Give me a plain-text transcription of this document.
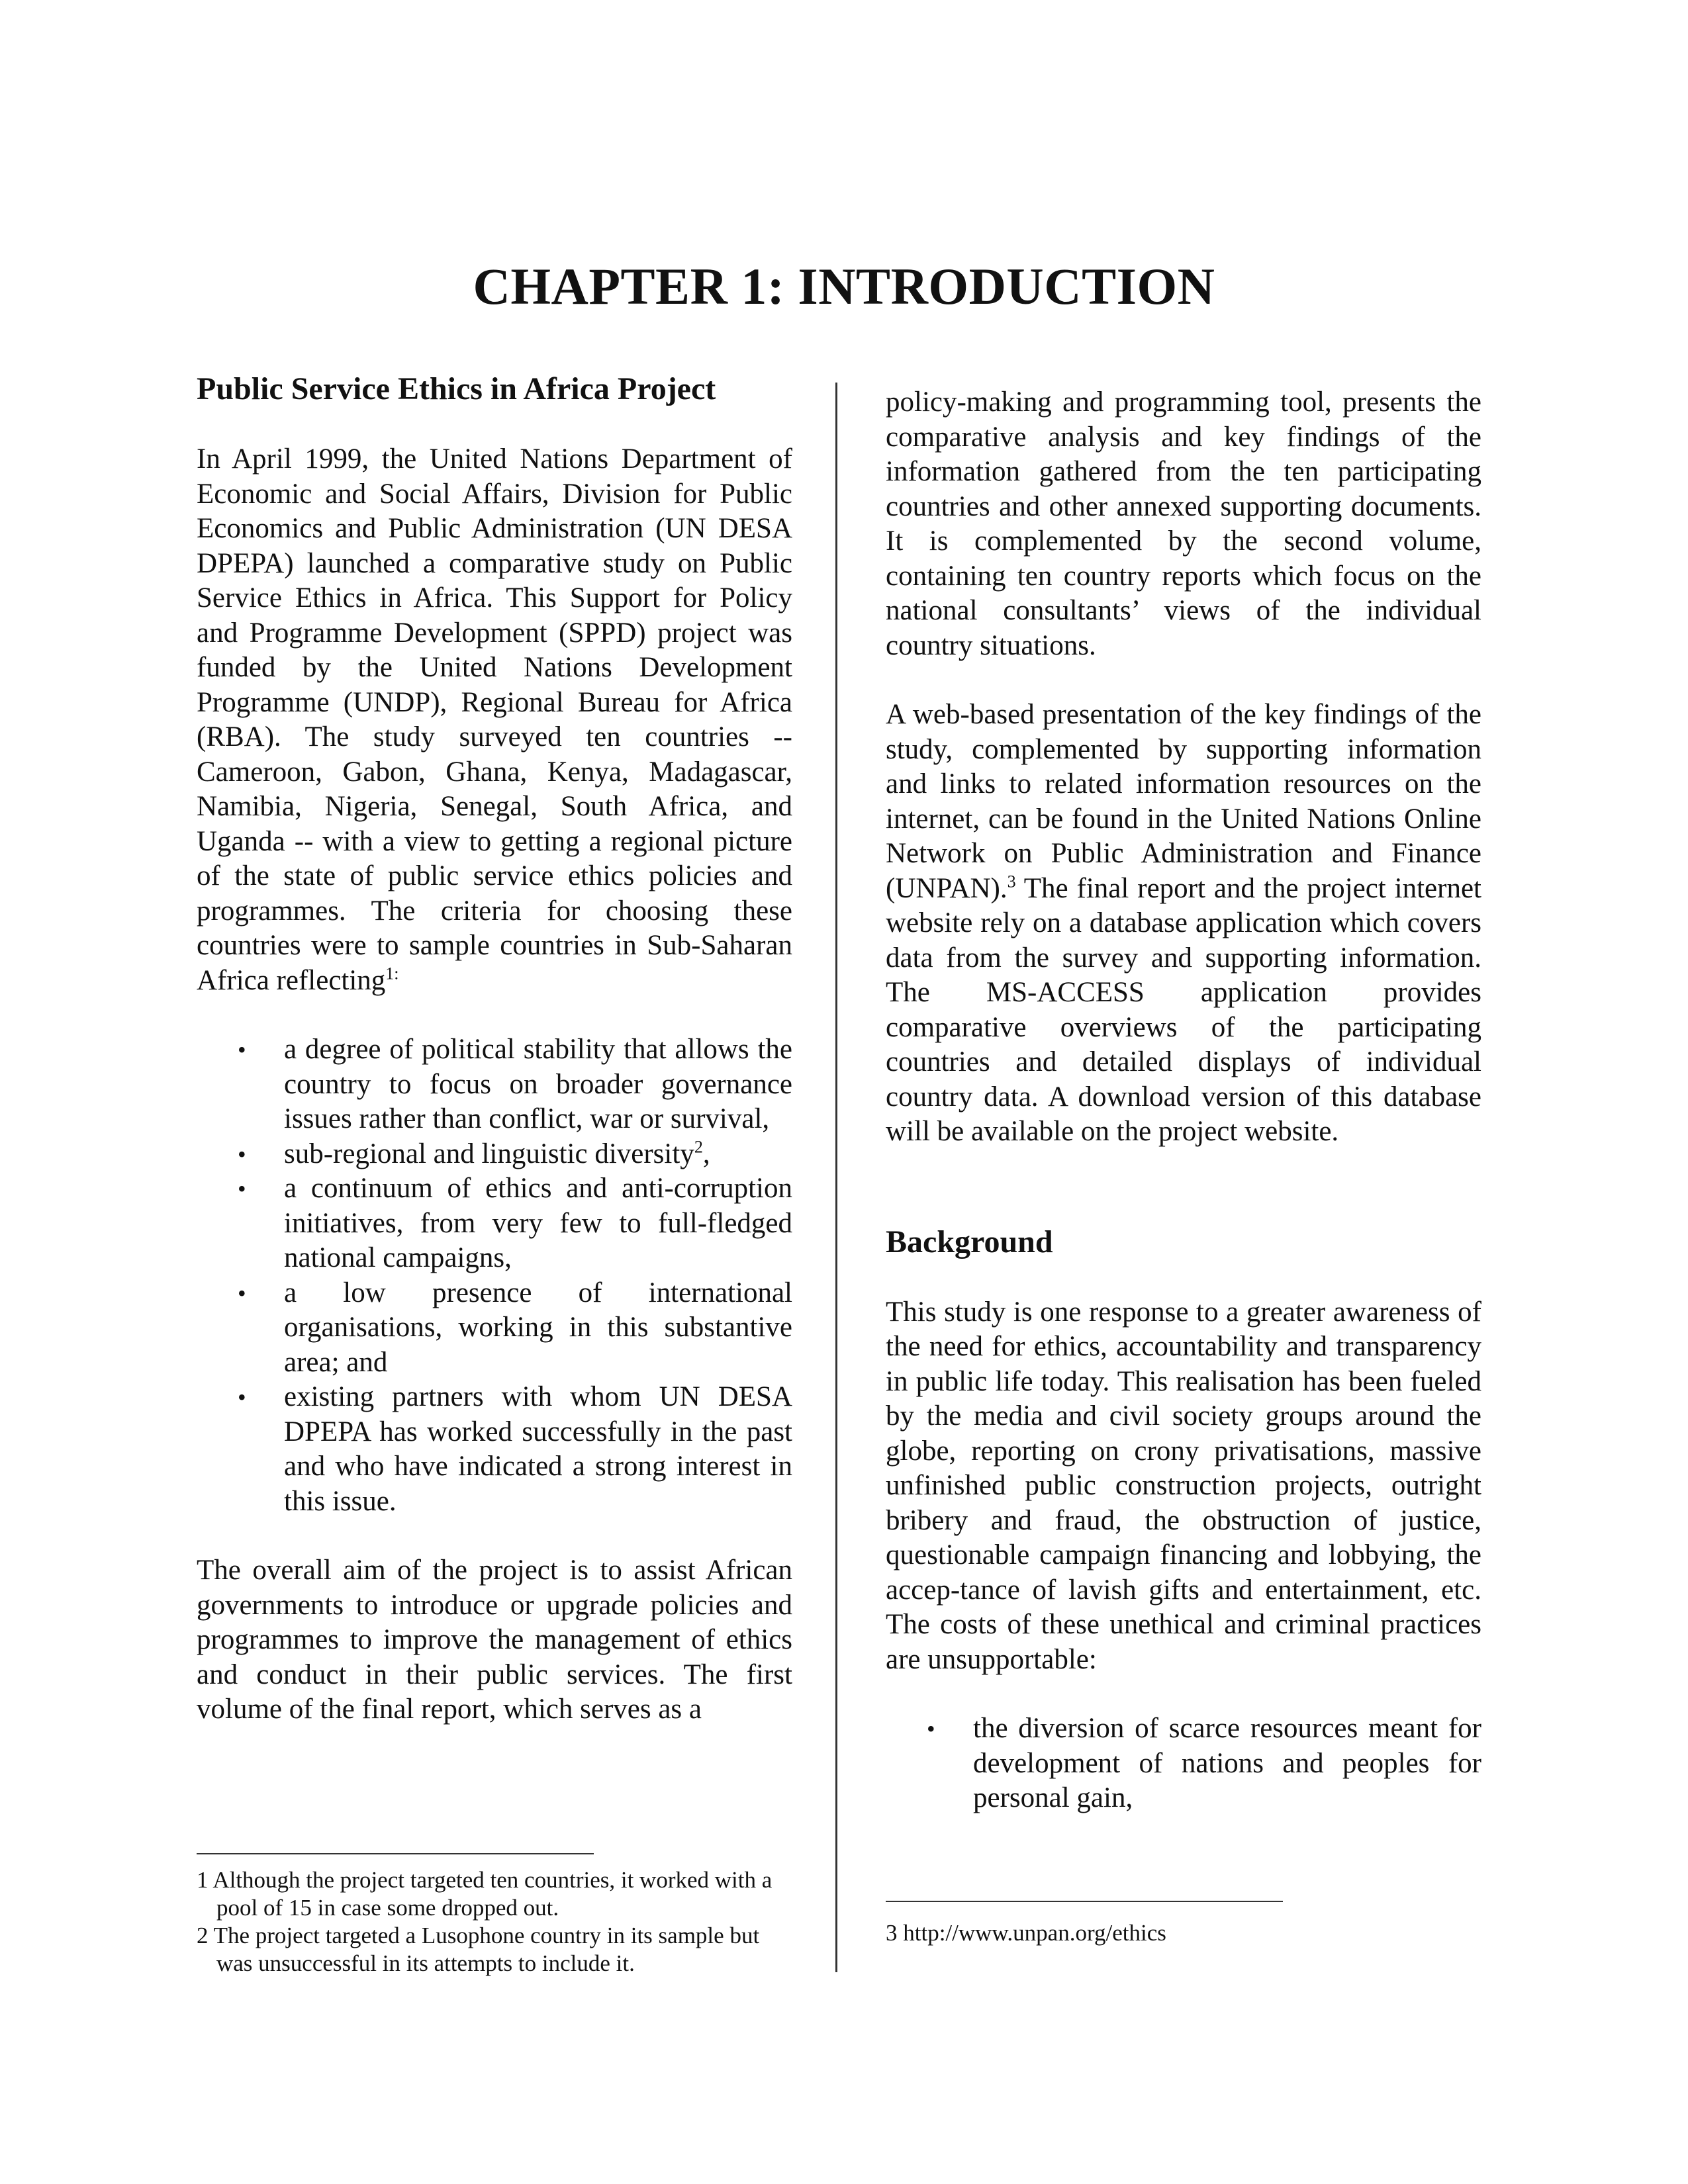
CHAPTER 1: INTRODUCTION
Public Service Ethics in Africa Project

In April 1999, the United Nations Department of Economic and Social Affairs, Division for Public Economics and Public Administration (UN DESA DPEPA) launched a comparative study on Public Service Ethics in Africa. This Support for Policy and Programme Development (SPPD) project was funded by the United Nations Development Programme (UNDP), Regional Bureau for Africa (RBA). The study surveyed ten countries -- Cameroon, Gabon, Ghana, Kenya, Madagascar, Namibia, Nigeria, Senegal, South Africa, and Uganda -- with a view to getting a regional picture of the state of public service ethics policies and programmes. The criteria for choosing these countries were to sample countries in Sub-Saharan Africa reflecting$^{1:}$

• a degree of political stability that allows the country to focus on broader governance issues rather than conflict, war or survival,
• sub-regional and linguistic diversity$^2$,
• a continuum of ethics and anti-corruption initiatives, from very few to full-fledged national campaigns,
• a low presence of international organisations, working in this substantive area; and
• existing partners with whom UN DESA DPEPA has worked successfully in the past and who have indicated a strong interest in this issue.

The overall aim of the project is to assist African governments to introduce or upgrade policies and programmes to improve the management of ethics and conduct in their public services. The first volume of the final report, which serves as a

1 Although the project targeted ten countries, it worked with a pool of 15 in case some dropped out.

2 The project targeted a Lusophone country in its sample but was unsuccessful in its attempts to include it.

policy-making and programming tool, presents the comparative analysis and key findings of the information gathered from the ten participating countries and other annexed supporting documents. It is complemented by the second volume, containing ten country reports which focus on the national consultants’ views of the individual country situations.

A web-based presentation of the key findings of the study, complemented by supporting information and links to related information resources on the internet, can be found in the United Nations Online Network on Public Administration and Finance (UNPAN).$^3$ The final report and the project internet website rely on a database application which covers data from the survey and supporting information. The MS-ACCESS application provides comparative overviews of the participating countries and detailed displays of individual country data. A download version of this database will be available on the project website.

Background

This study is one response to a greater awareness of the need for ethics, accountability and transparency in public life today. This realisation has been fueled by the media and civil society groups around the globe, reporting on crony privatisations, massive unfinished public construction projects, outright bribery and fraud, the obstruction of justice, questionable campaign financing and lobbying, the accep-tance of lavish gifts and entertainment, etc. The costs of these unethical and criminal practices are unsupportable:

• the diversion of scarce resources meant for development of nations and peoples for personal gain,

3 http://www.unpan.org/ethics
